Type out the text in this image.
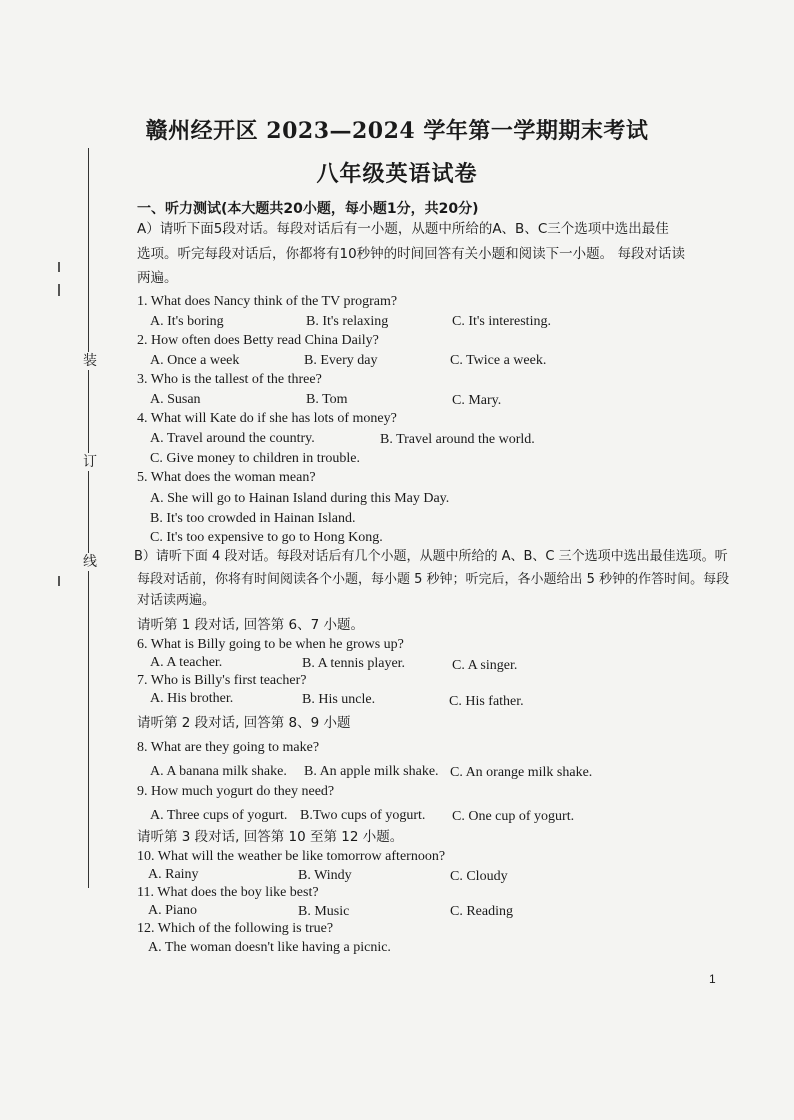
装
订
线
赣州经开区 2023—2024 学年第一学期期末考试
八年级英语试卷
一、听力测试(本大题共20小题，每小题1分，共20分)
A）请听下面5段对话。每段对话后有一小题，从题中所给的A、B、C三个选项中选出最佳
选项。听完每段对话后，你都将有10秒钟的时间回答有关小题和阅读下一小题。 每段对话读
两遍。
1. What does Nancy think of the TV program?
A. It's boring	B. It's relaxing	C. It's interesting.
2. How often does Betty read China Daily?
A. Once a week	B. Every day	C. Twice a week.
3. Who is the tallest of the three?
A. Susan	B. Tom	C. Mary.
4. What will Kate do if she has lots of money?
A. Travel around the country.	B. Travel around the world.
C. Give money to children in trouble.
5. What does the woman mean?
A. She will go to Hainan Island during this May Day.
B. It's too crowded in Hainan Island.
C. It's too expensive to go to Hong Kong.
B）请听下面 4 段对话。每段对话后有几个小题，从题中所给的 A、B、C 三个选项中选出最佳选项。听
每段对话前，你将有时间阅读各个小题，每小题 5 秒钟；听完后，各小题给出 5 秒钟的作答时间。每段
对话读两遍。
请听第 1 段对话, 回答第 6、7 小题。
6. What is Billy going to be when he grows up?
A. A teacher.	B. A tennis player.	C. A singer.
7. Who is Billy's first teacher?
A. His brother.	B. His uncle.	C. His father.
请听第 2 段对话, 回答第 8、9 小题
8. What are they going to make?
A. A banana milk shake. B. An apple milk shake. C. An orange milk shake.
9. How much yogurt do they need?
A. Three cups of yogurt. B.Two cups of yogurt. C. One cup of yogurt.
请听第 3 段对话, 回答第 10 至第 12 小题。
10. What will the weather be like tomorrow afternoon?
A. Rainy	B. Windy	C. Cloudy
11. What does the boy like best?
A. Piano	B. Music	C. Reading
12. Which of the following is true?
A. The woman doesn't like having a picnic.
1
